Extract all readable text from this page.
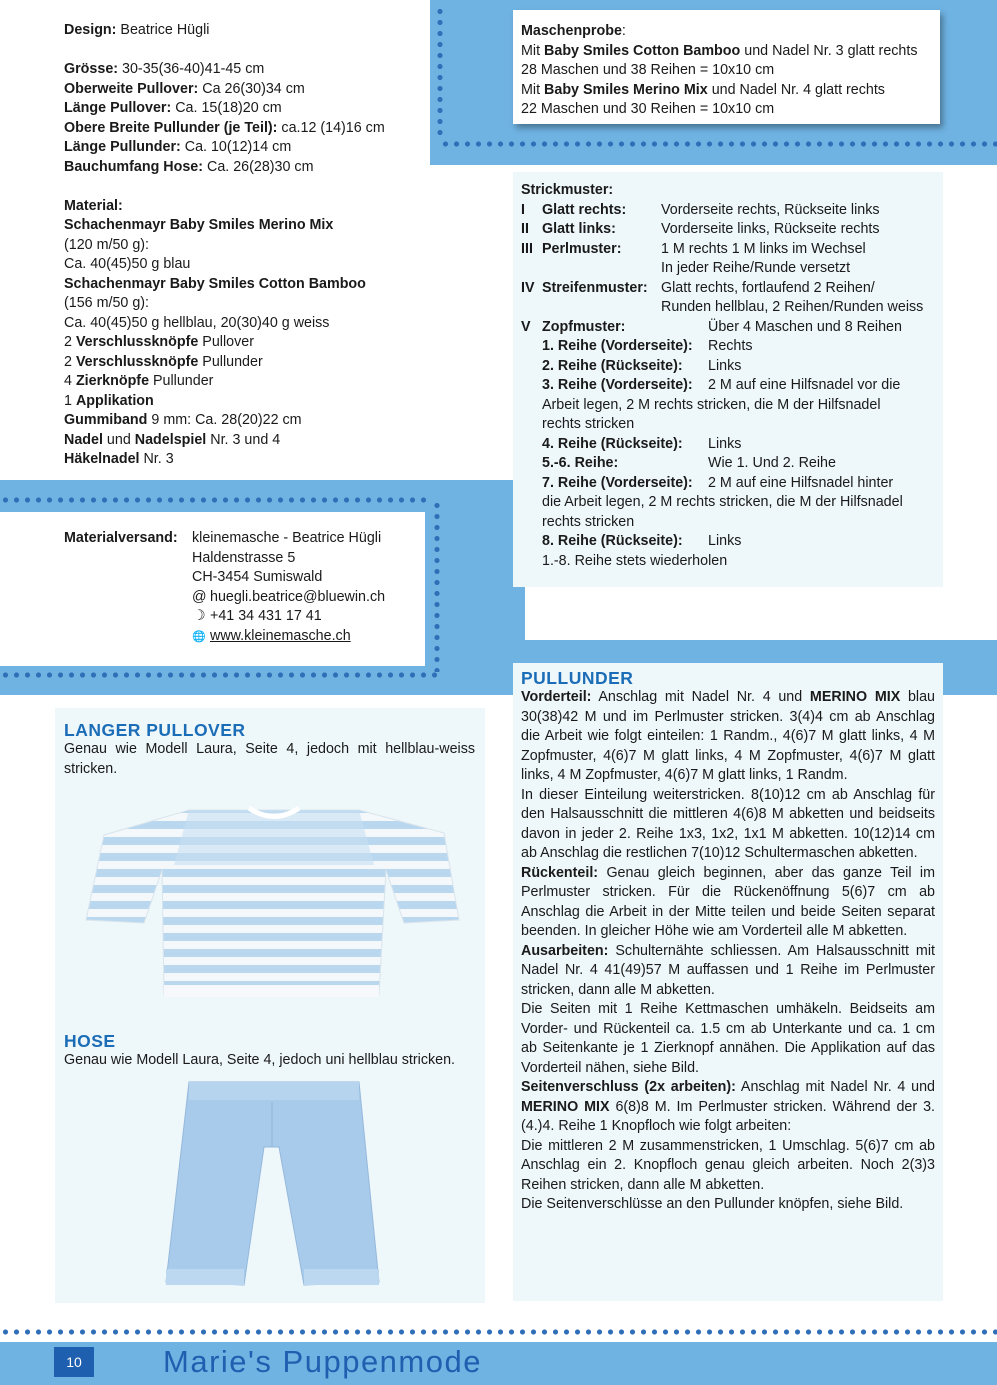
Design: Beatrice Hügli
Grösse: 30-35(36-40)41-45 cm
Oberweite Pullover: Ca 26(30)34 cm
Länge Pullover: Ca. 15(18)20 cm
Obere Breite Pullunder (je Teil): ca.12 (14)16 cm
Länge Pullunder: Ca. 10(12)14 cm
Bauchumfang Hose: Ca. 26(28)30 cm
Material:
Schachenmayr Baby Smiles Merino Mix
(120 m/50 g):
Ca. 40(45)50 g blau
Schachenmayr Baby Smiles Cotton Bamboo
(156 m/50 g):
Ca. 40(45)50 g hellblau, 20(30)40 g weiss
2 Verschlussknöpfe Pullover
2 Verschlussknöpfe Pullunder
4 Zierknöpfe Pullunder
1 Applikation
Gummiband 9 mm: Ca. 28(20)22 cm
Nadel und Nadelspiel Nr. 3 und 4
Häkelnadel Nr. 3
Materialversand:	kleinemasche - Beatrice Hügli
Haldenstrasse 5
CH-3454 Sumiswald
@ huegli.beatrice@bluewin.ch
☽ +41 34 431 17 41
🌐 www.kleinemasche.ch
Maschenprobe:
Mit Baby Smiles Cotton Bamboo und Nadel Nr. 3 glatt rechts
28 Maschen und 38 Reihen = 10x10 cm
Mit Baby Smiles Merino Mix und Nadel Nr. 4 glatt rechts
22 Maschen und 30 Reihen = 10x10 cm
Strickmuster:
I	Glatt rechts:	Vorderseite rechts, Rückseite links
II Glatt links:	Vorderseite links, Rückseite rechts
III Perlmuster:	1 M rechts 1 M links im Wechsel
In jeder Reihe/Runde versetzt
IV Streifenmuster: Glatt rechts, fortlaufend 2 Reihen/
Runden hellblau, 2 Reihen/Runden weiss
V Zopfmuster:	Über 4 Maschen und 8 Reihen
1. Reihe (Vorderseite):	Rechts
2. Reihe (Rückseite):	Links
3. Reihe (Vorderseite):	2 M auf eine Hilfsnadel vor die
Arbeit legen, 2 M rechts stricken, die M der Hilfsnadel
rechts stricken
4. Reihe (Rückseite):	Links
5.-6. Reihe:	Wie 1. Und 2. Reihe
7. Reihe (Vorderseite):	2 M auf eine Hilfsnadel hinter
die Arbeit legen, 2 M rechts stricken, die M der Hilfsnadel
rechts stricken
8. Reihe (Rückseite):	Links
1.-8. Reihe stets wiederholen
LANGER PULLOVER
Genau wie Modell Laura, Seite 4, jedoch mit hellblau-weiss stricken.
HOSE
Genau wie Modell Laura, Seite 4, jedoch uni hellblau stricken.
PULLUNDER
Vorderteil: Anschlag mit Nadel Nr. 4 und MERINO MIX blau 30(38)42 M und im Perlmuster stricken. 3(4)4 cm ab Anschlag die Arbeit wie folgt einteilen: 1 Randm., 4(6)7 M glatt links, 4 M Zopfmuster, 4(6)7 M glatt links, 4 M Zopfmuster, 4(6)7 M glatt links, 4 M Zopfmuster, 4(6)7 M glatt links, 1 Randm.
In dieser Einteilung weiterstricken. 8(10)12 cm ab Anschlag für den Halsausschnitt die mittleren 4(6)8 M abketten und beidseits davon in jeder 2. Reihe 1x3, 1x2, 1x1 M abketten. 10(12)14 cm ab Anschlag die restlichen 7(10)12 Schultermaschen abketten.
Rückenteil: Genau gleich beginnen, aber das ganze Teil im Perlmuster stricken. Für die Rückenöffnung 5(6)7 cm ab Anschlag die Arbeit in der Mitte teilen und beide Seiten separat beenden. In gleicher Höhe wie am Vorderteil alle M abketten.
Ausarbeiten: Schulternähte schliessen. Am Halsausschnitt mit Nadel Nr. 4 41(49)57 M auffassen und 1 Reihe im Perlmuster stricken, dann alle M abketten.
Die Seiten mit 1 Reihe Kettmaschen umhäkeln. Beidseits am Vorder- und Rückenteil ca. 1.5 cm ab Unterkante und ca. 1 cm ab Seitenkante je 1 Zierknopf annähen. Die Applikation auf das Vorderteil nähen, siehe Bild.
Seitenverschluss (2x arbeiten): Anschlag mit Nadel Nr. 4 und MERINO MIX 6(8)8 M. Im Perlmuster stricken. Während der 3.(4.)4. Reihe 1 Knopfloch wie folgt arbeiten:
Die mittleren 2 M zusammenstricken, 1 Umschlag. 5(6)7 cm ab Anschlag ein 2. Knopfloch genau gleich arbeiten. Noch 2(3)3 Reihen stricken, dann alle M abketten.
Die Seitenverschlüsse an den Pullunder knöpfen, siehe Bild.
10	Marie's Puppenmode
